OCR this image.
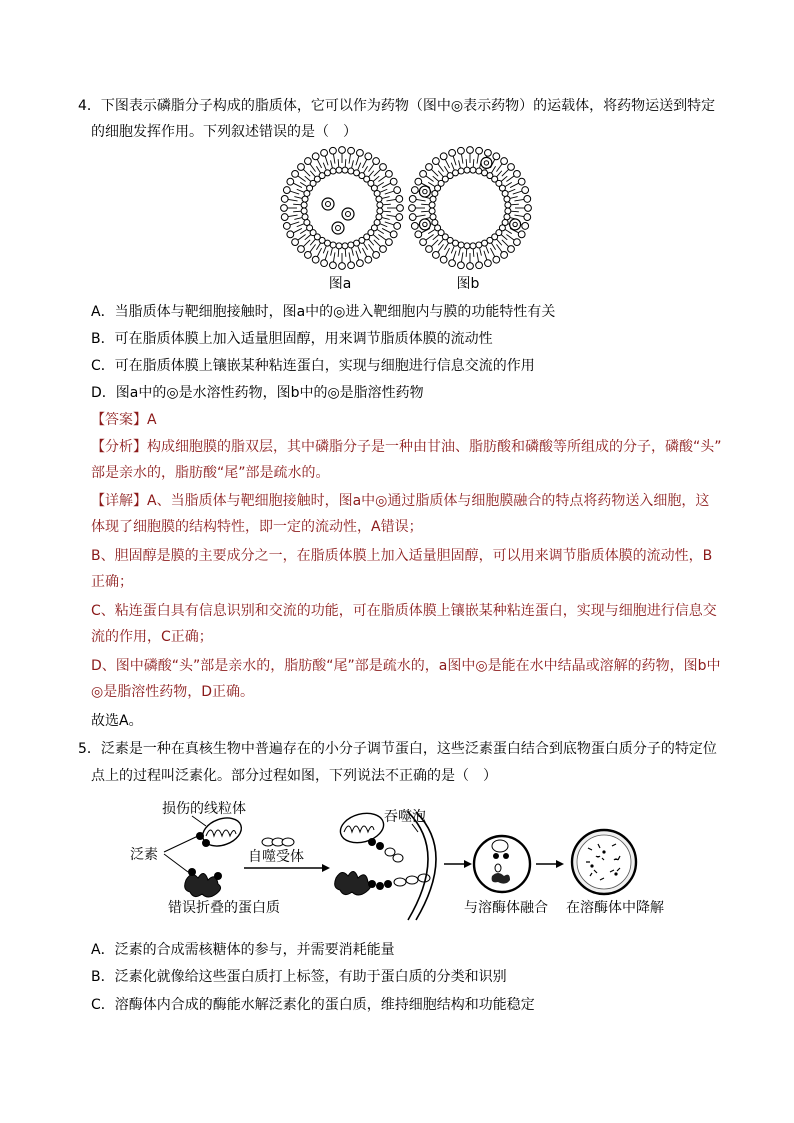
4．下图表示磷脂分子构成的脂质体，它可以作为药物（图中◎表示药物）的运载体，将药物运送到特定
的细胞发挥作用。下列叙述错误的是（　）
图a	图b
A．当脂质体与靶细胞接触时，图a中的◎进入靶细胞内与膜的功能特性有关
B．可在脂质体膜上加入适量胆固醇，用来调节脂质体膜的流动性
C．可在脂质体膜上镶嵌某种粘连蛋白，实现与细胞进行信息交流的作用
D．图a中的◎是水溶性药物，图b中的◎是脂溶性药物
【答案】A
【分析】构成细胞膜的脂双层，其中磷脂分子是一种由甘油、脂肪酸和磷酸等所组成的分子，磷酸“头”
部是亲水的，脂肪酸“尾”部是疏水的。
【详解】A、当脂质体与靶细胞接触时，图a中◎通过脂质体与细胞膜融合的特点将药物送入细胞，这
体现了细胞膜的结构特性，即一定的流动性，A错误；
B、胆固醇是膜的主要成分之一，在脂质体膜上加入适量胆固醇，可以用来调节脂质体膜的流动性，B
正确；
C、粘连蛋白具有信息识别和交流的功能，可在脂质体膜上镶嵌某种粘连蛋白，实现与细胞进行信息交
流的作用，C正确；
D、图中磷酸“头”部是亲水的，脂肪酸“尾”部是疏水的，a图中◎是能在水中结晶或溶解的药物，图b中
◎是脂溶性药物，D正确。
故选A。
5．泛素是一种在真核生物中普遍存在的小分子调节蛋白，这些泛素蛋白结合到底物蛋白质分子的特定位
点上的过程叫泛素化。部分过程如图，下列说法不正确的是（　）
损伤的线粒体
泛素	自噬受体
错误折叠的蛋白质
吞噬泡
与溶酶体融合 在溶酶体中降解
A．泛素的合成需核糖体的参与，并需要消耗能量
B．泛素化就像给这些蛋白质打上标签，有助于蛋白质的分类和识别
C．溶酶体内合成的酶能水解泛素化的蛋白质，维持细胞结构和功能稳定
